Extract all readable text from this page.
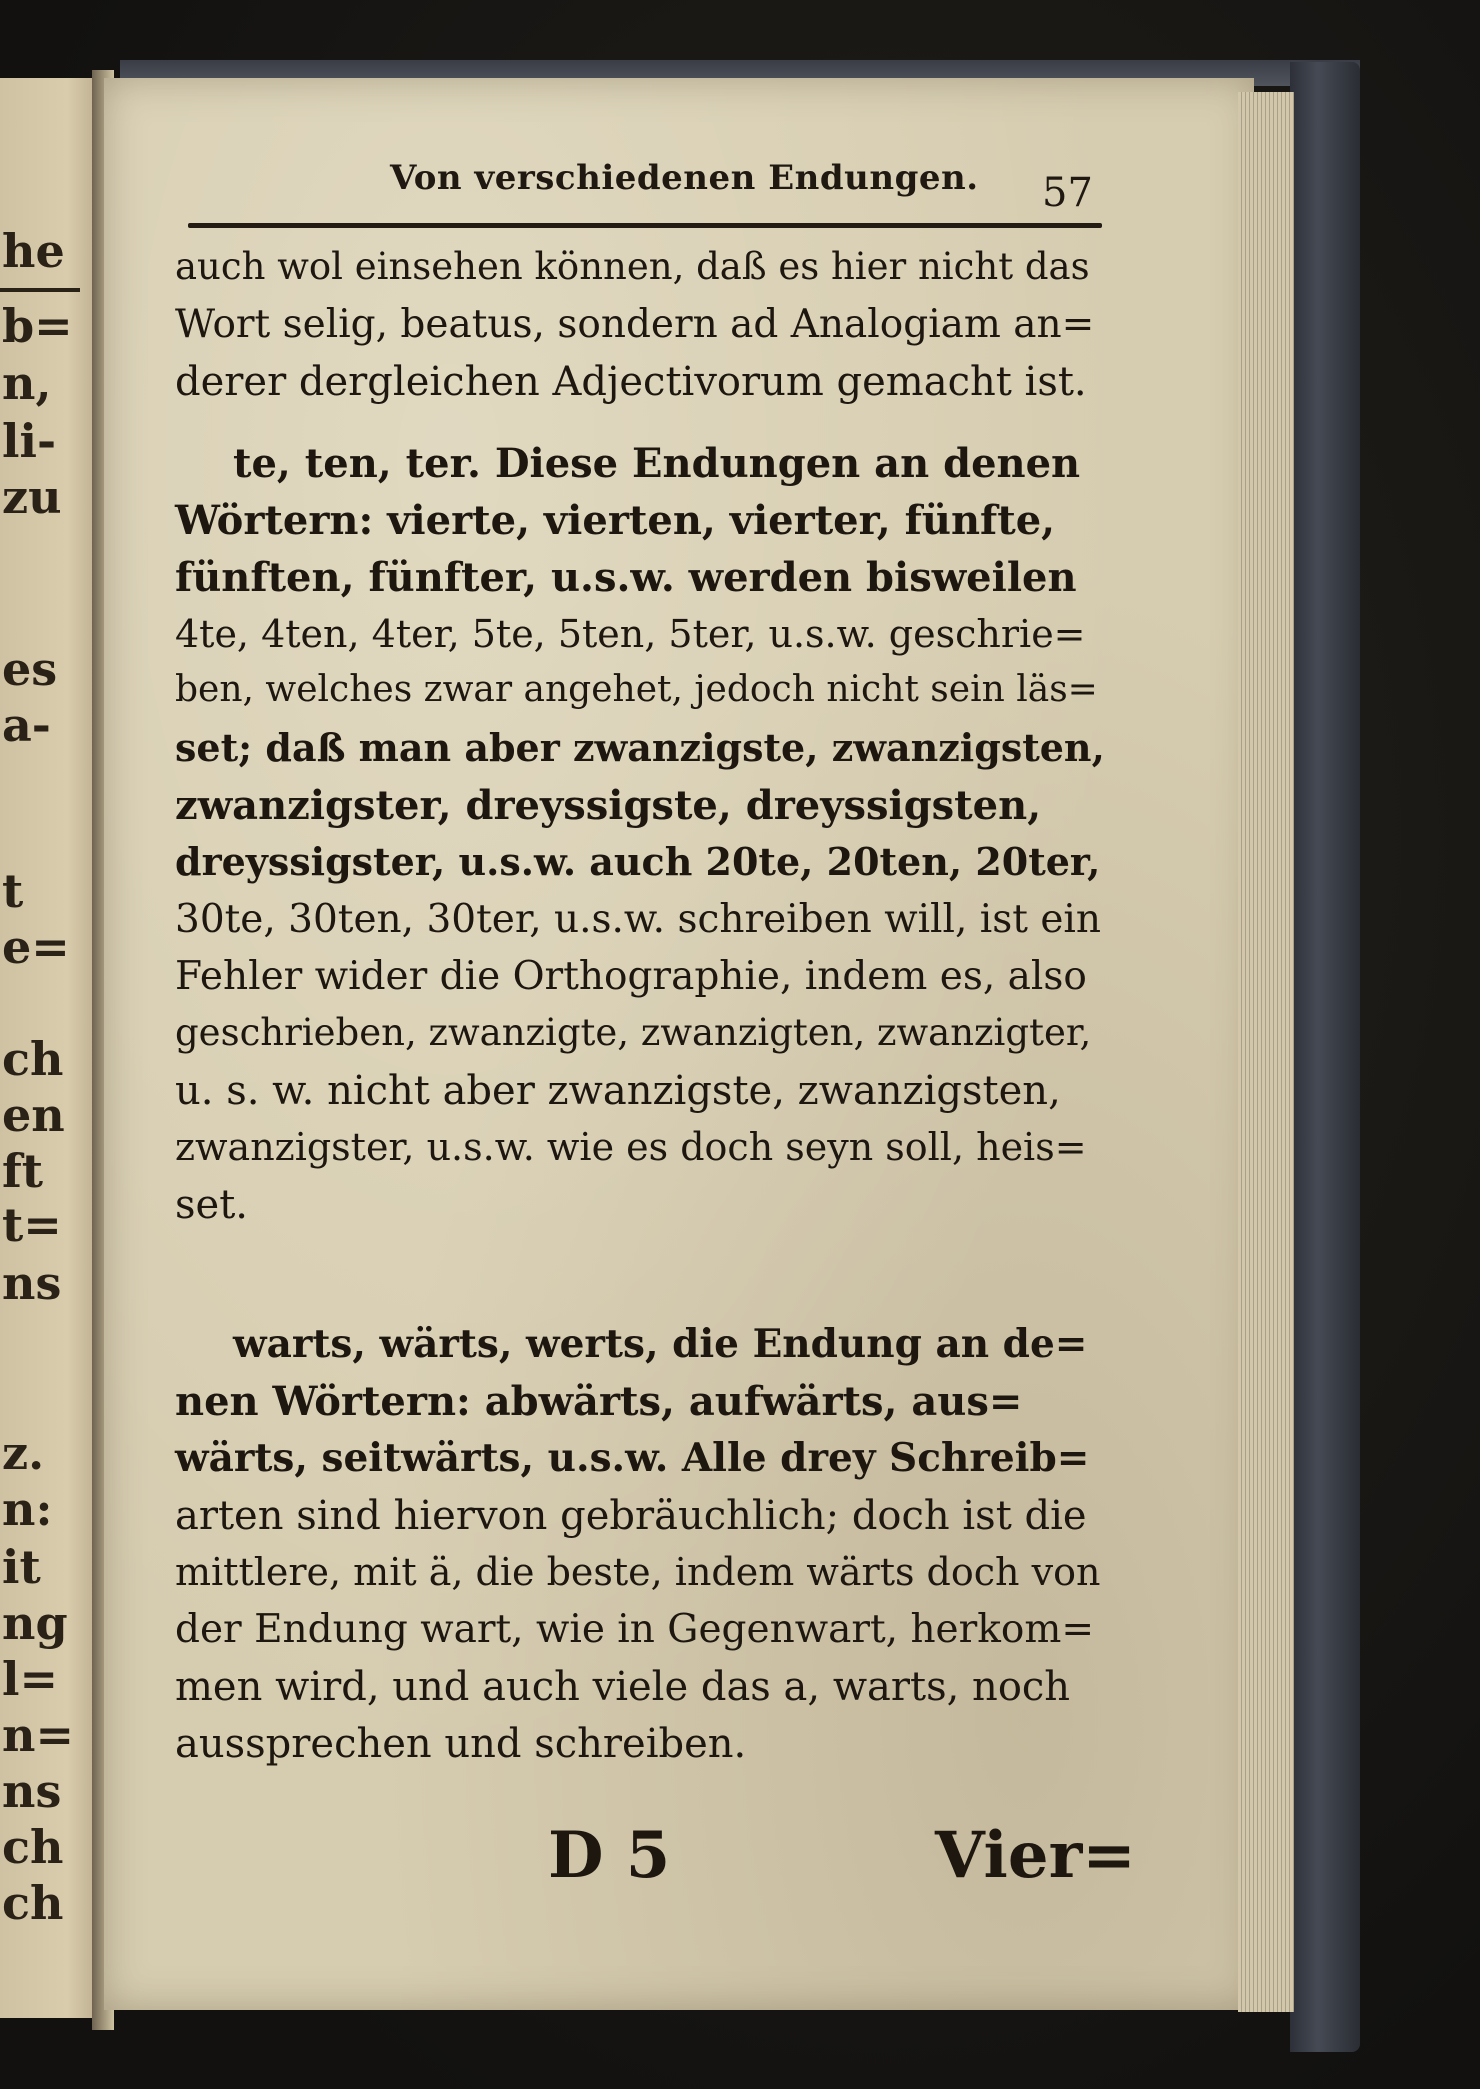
he
b=
n,
li-
zu
es
a-
t
e=
ch
en
ft
t=
ns
z.
n:
it
ng
l=
n=
ns
ch
ch
Von verschiedenen Endungen. 57
auch wol einsehen können, daß es hier nicht das
Wort selig, beatus, sondern ad Analogiam an=
derer dergleichen Adjectivorum gemacht ist.
te, ten, ter. Diese Endungen an denen
Wörtern: vierte, vierten, vierter, fünfte,
fünften, fünfter, u.s.w. werden bisweilen
4te, 4ten, 4ter, 5te, 5ten, 5ter, u.s.w. geschrie=
ben, welches zwar angehet, jedoch nicht sein läs=
set; daß man aber zwanzigste, zwanzigsten,
zwanzigster, dreyssigste, dreyssigsten,
dreyssigster, u.s.w. auch 20te, 20ten, 20ter,
30te, 30ten, 30ter, u.s.w. schreiben will, ist ein
Fehler wider die Orthographie, indem es, also
geschrieben, zwanzigte, zwanzigten, zwanzigter,
u. s. w. nicht aber zwanzigste, zwanzigsten,
zwanzigster, u.s.w. wie es doch seyn soll, heis=
set.
warts, wärts, werts, die Endung an de=
nen Wörtern: abwärts, aufwärts, aus=
wärts, seitwärts, u.s.w. Alle drey Schreib=
arten sind hiervon gebräuchlich; doch ist die
mittlere, mit ä, die beste, indem wärts doch von
der Endung wart, wie in Gegenwart, herkom=
men wird, und auch viele das a, warts, noch
aussprechen und schreiben.
D 5	Vier=
